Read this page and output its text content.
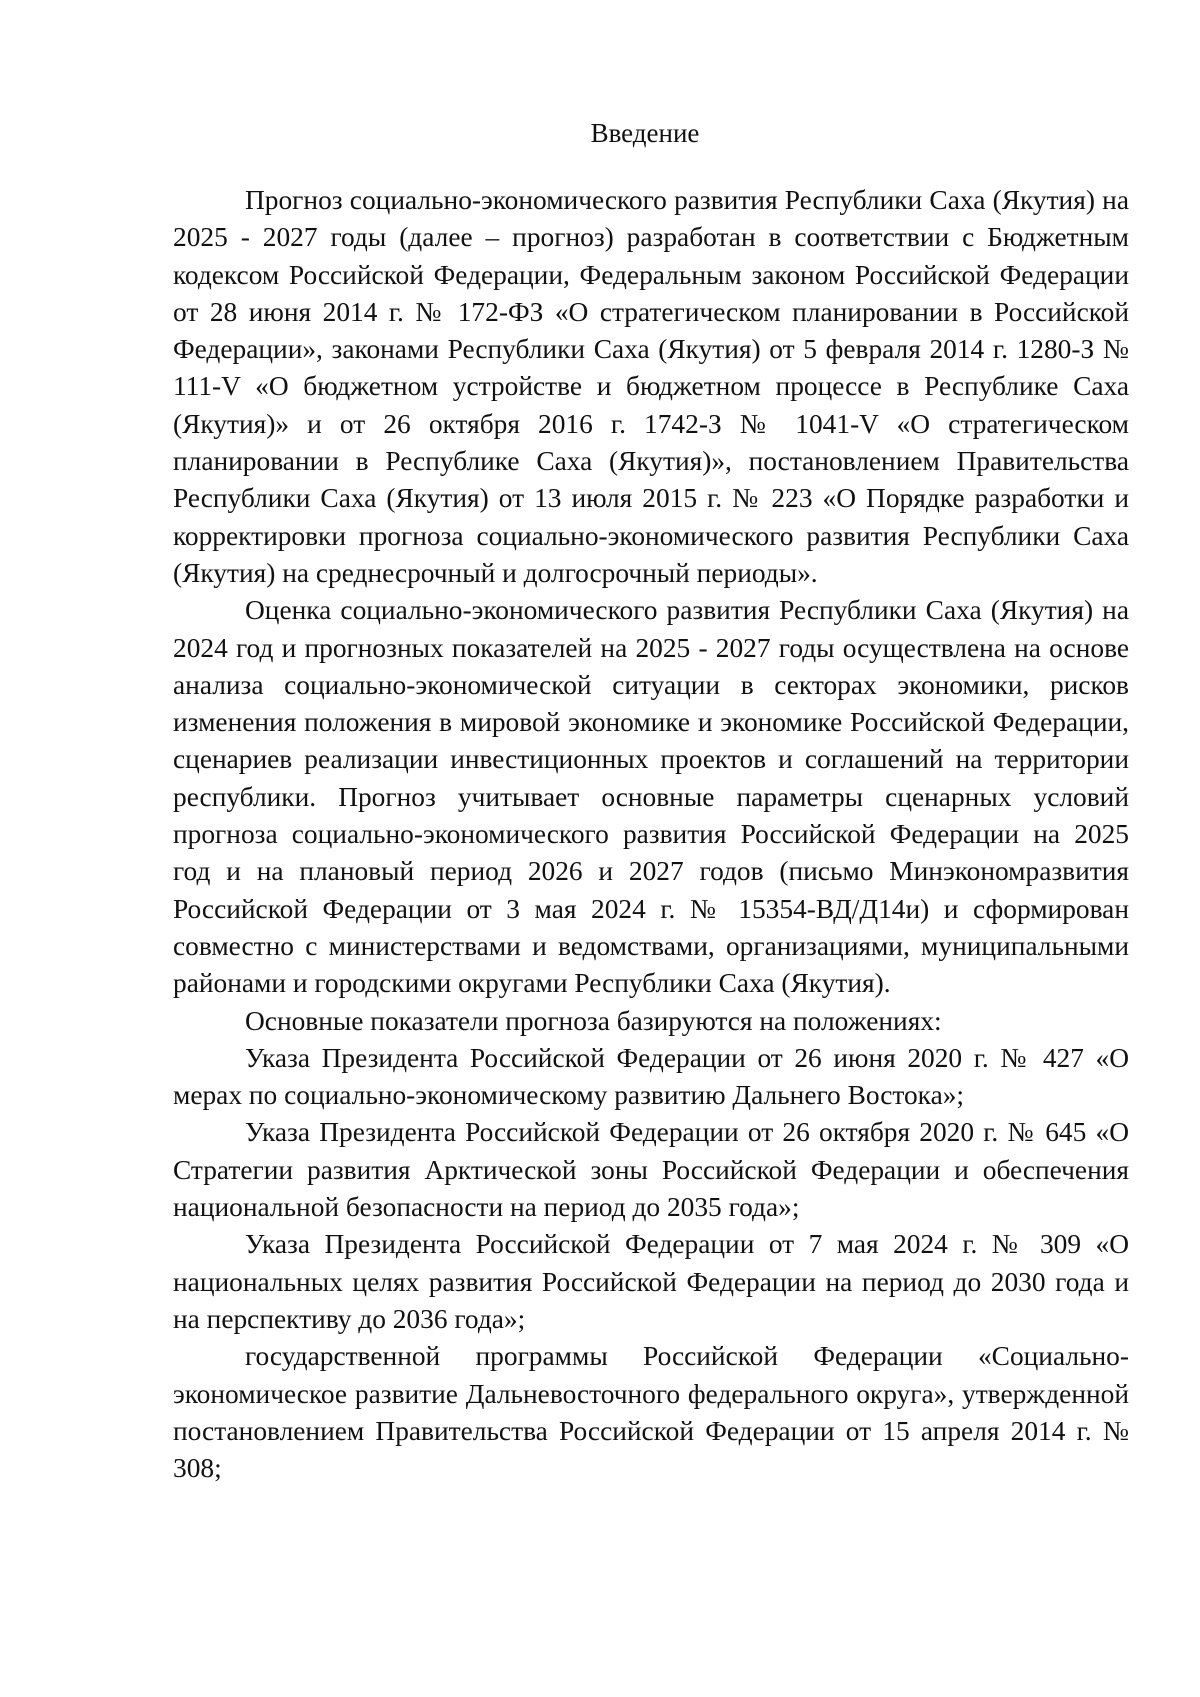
Введение

Прогноз социально-экономического развития Республики Саха (Якутия) на 2025 - 2027 годы (далее – прогноз) разработан в соответствии с Бюджетным кодексом Российской Федерации, Федеральным законом Российской Федерации от 28 июня 2014 г. № 172-ФЗ «О стратегическом планировании в Российской Федерации», законами Республики Саха (Якутия) от 5 февраля 2014 г. 1280-З № 111-V «О бюджетном устройстве и бюджетном процессе в Республике Саха (Якутия)» и от 26 октября 2016 г. 1742-З № 1041-V «О стратегическом планировании в Республике Саха (Якутия)», постановлением Правительства Республики Саха (Якутия) от 13 июля 2015 г. № 223 «О Порядке разработки и корректировки прогноза социально-экономического развития Республики Саха (Якутия) на среднесрочный и долгосрочный периоды».

Оценка социально-экономического развития Республики Саха (Якутия) на 2024 год и прогнозных показателей на 2025 - 2027 годы осуществлена на основе анализа социально-экономической ситуации в секторах экономики, рисков изменения положения в мировой экономике и экономике Российской Федерации, сценариев реализации инвестиционных проектов и соглашений на территории республики. Прогноз учитывает основные параметры сценарных условий прогноза социально-экономического развития Российской Федерации на 2025 год и на плановый период 2026 и 2027 годов (письмо Минэкономразвития Российской Федерации от 3 мая 2024 г. № 15354-ВД/Д14и) и сформирован совместно с министерствами и ведомствами, организациями, муниципальными районами и городскими округами Республики Саха (Якутия).

Основные показатели прогноза базируются на положениях:

Указа Президента Российской Федерации от 26 июня 2020 г. № 427 «О мерах по социально-экономическому развитию Дальнего Востока»;

Указа Президента Российской Федерации от 26 октября 2020 г. № 645 «О Стратегии развития Арктической зоны Российской Федерации и обеспечения национальной безопасности на период до 2035 года»;

Указа Президента Российской Федерации от 7 мая 2024 г. № 309 «О национальных целях развития Российской Федерации на период до 2030 года и на перспективу до 2036 года»;

государственной программы Российской Федерации «Социально-экономическое развитие Дальневосточного федерального округа», утвержденной постановлением Правительства Российской Федерации от 15 апреля 2014 г. № 308;
